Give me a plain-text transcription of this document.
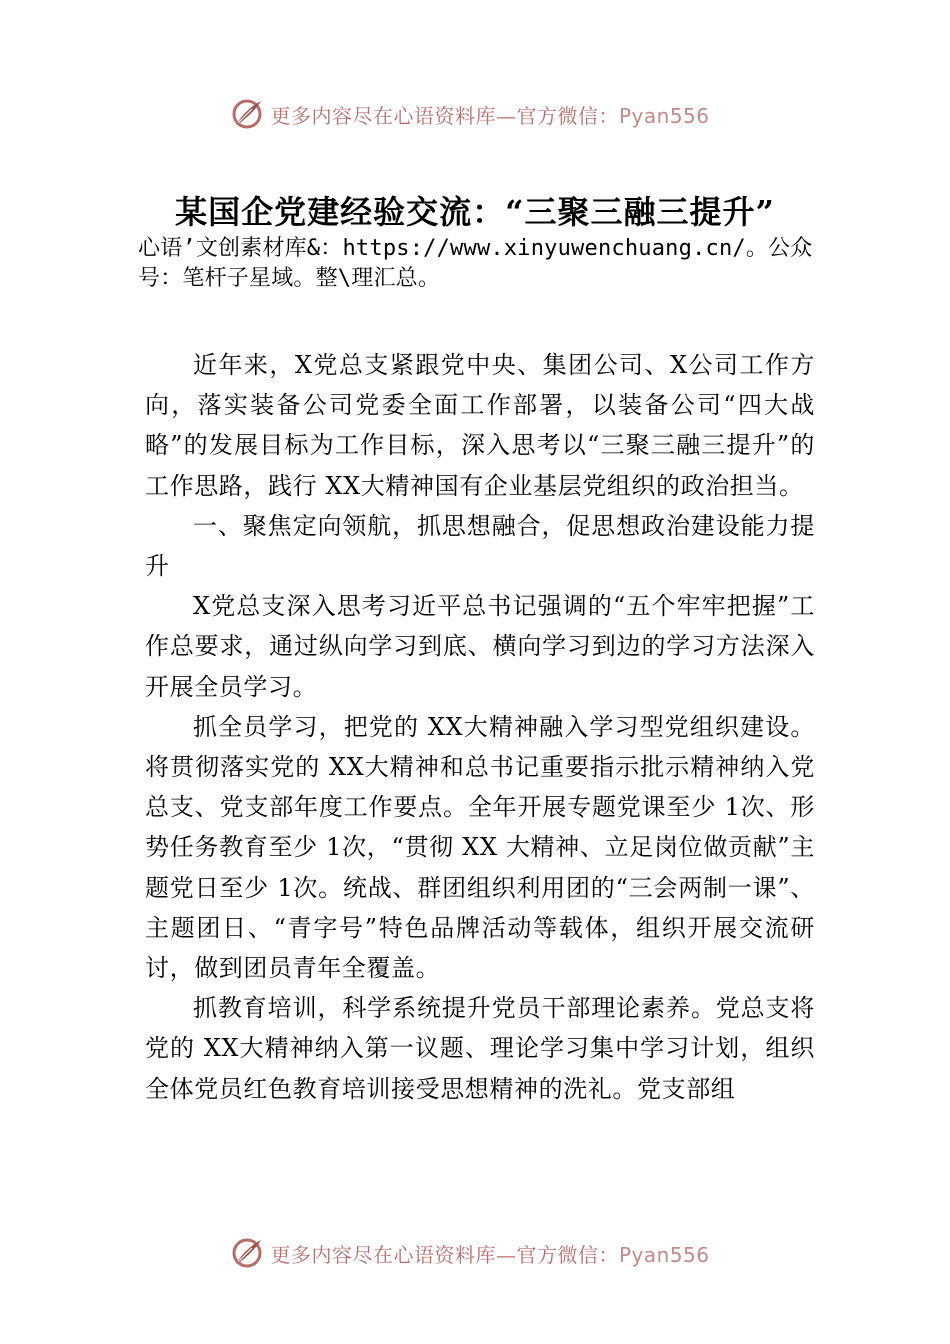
更多内容尽在心语资料库—官方微信：Pyan556
某国企党建经验交流：“三聚三融三提升”
心语’文创素材库&：https://www.xinyuwenchuang.cn/。公众号：笔杆子星域。整\理汇总。

近年来，X党总支紧跟党中央、集团公司、X公司工作方向，落实装备公司党委全面工作部署，以装备公司“四大战略”的发展目标为工作目标，深入思考以“三聚三融三提升”的工作思路，践行 XX大精神国有企业基层党组织的政治担当。

一、聚焦定向领航，抓思想融合，促思想政治建设能力提升

X党总支深入思考习近平总书记强调的“五个牢牢把握”工作总要求，通过纵向学习到底、横向学习到边的学习方法深入开展全员学习。

抓全员学习，把党的 XX大精神融入学习型党组织建设。将贯彻落实党的 XX大精神和总书记重要指示批示精神纳入党总支、党支部年度工作要点。全年开展专题党课至少 1次、形势任务教育至少 1次，“贯彻 XX 大精神、立足岗位做贡献”主题党日至少 1次。统战、群团组织利用团的“三会两制一课”、主题团日、“青字号”特色品牌活动等载体，组织开展交流研讨，做到团员青年全覆盖。

抓教育培训，科学系统提升党员干部理论素养。党总支将党的 XX大精神纳入第一议题、理论学习集中学习计划，组织全体党员红色教育培训接受思想精神的洗礼。党支部组

更多内容尽在心语资料库—官方微信：Pyan556
